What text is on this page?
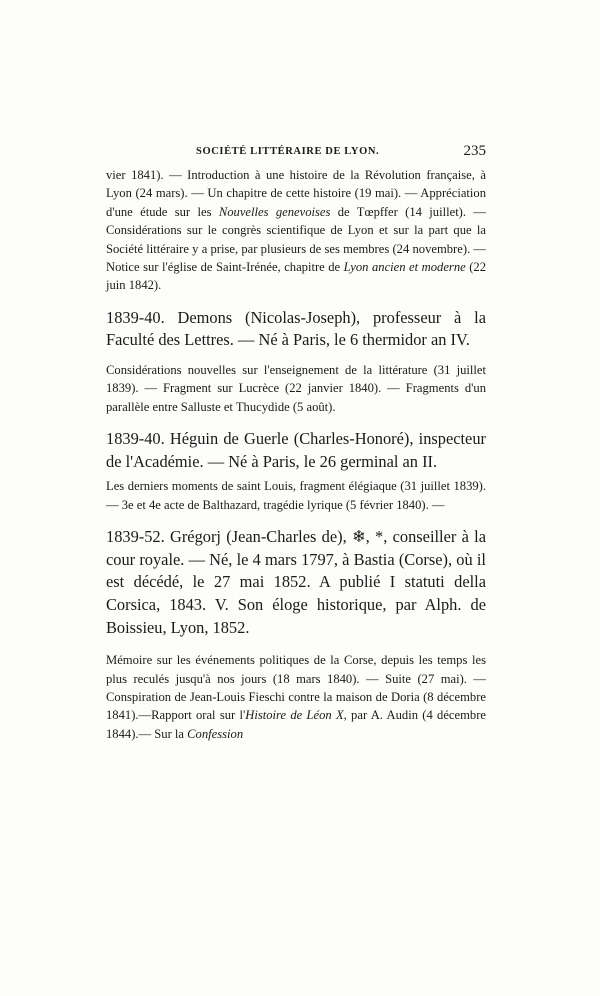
SOCIÉTÉ LITTÉRAIRE DE LYON.	235

vier 1841). — Introduction à une histoire de la Révolution française, à Lyon (24 mars). — Un chapitre de cette histoire (19 mai). — Appréciation d'une étude sur les Nouvelles genevoises de Tœpffer (14 juillet). — Considérations sur le congrès scientifique de Lyon et sur la part que la Société littéraire y a prise, par plusieurs de ses membres (24 novembre). — Notice sur l'église de Saint-Irénée, chapitre de Lyon ancien et moderne (22 juin 1842).

1839-40. Demons (Nicolas-Joseph), professeur à la Faculté des Lettres. — Né à Paris, le 6 thermidor an IV.

Considérations nouvelles sur l'enseignement de la littérature (31 juillet 1839). — Fragment sur Lucrèce (22 janvier 1840). — Fragments d'un parallèle entre Salluste et Thucydide (5 août).

1839-40. Héguin de Guerle (Charles-Honoré), inspecteur de l'Académie. — Né à Paris, le 26 germinal an II.

Les derniers moments de saint Louis, fragment élégiaque (31 juillet 1839). — 3e et 4e acte de Balthazard, tragédie lyrique (5 février 1840). —

1839-52. Grégorj (Jean-Charles de), ❄, *, conseiller à la cour royale. — Né, le 4 mars 1797, à Bastia (Corse), où il est décédé, le 27 mai 1852. A publié I statuti della Corsica, 1843. V. Son éloge historique, par Alph. de Boissieu, Lyon, 1852.

Mémoire sur les événements politiques de la Corse, depuis les temps les plus reculés jusqu'à nos jours (18 mars 1840). — Suite (27 mai). — Conspiration de Jean-Louis Fieschi contre la maison de Doria (8 décembre 1841).—Rapport oral sur l'Histoire de Léon X, par A. Audin (4 décembre 1844).— Sur la Confession
